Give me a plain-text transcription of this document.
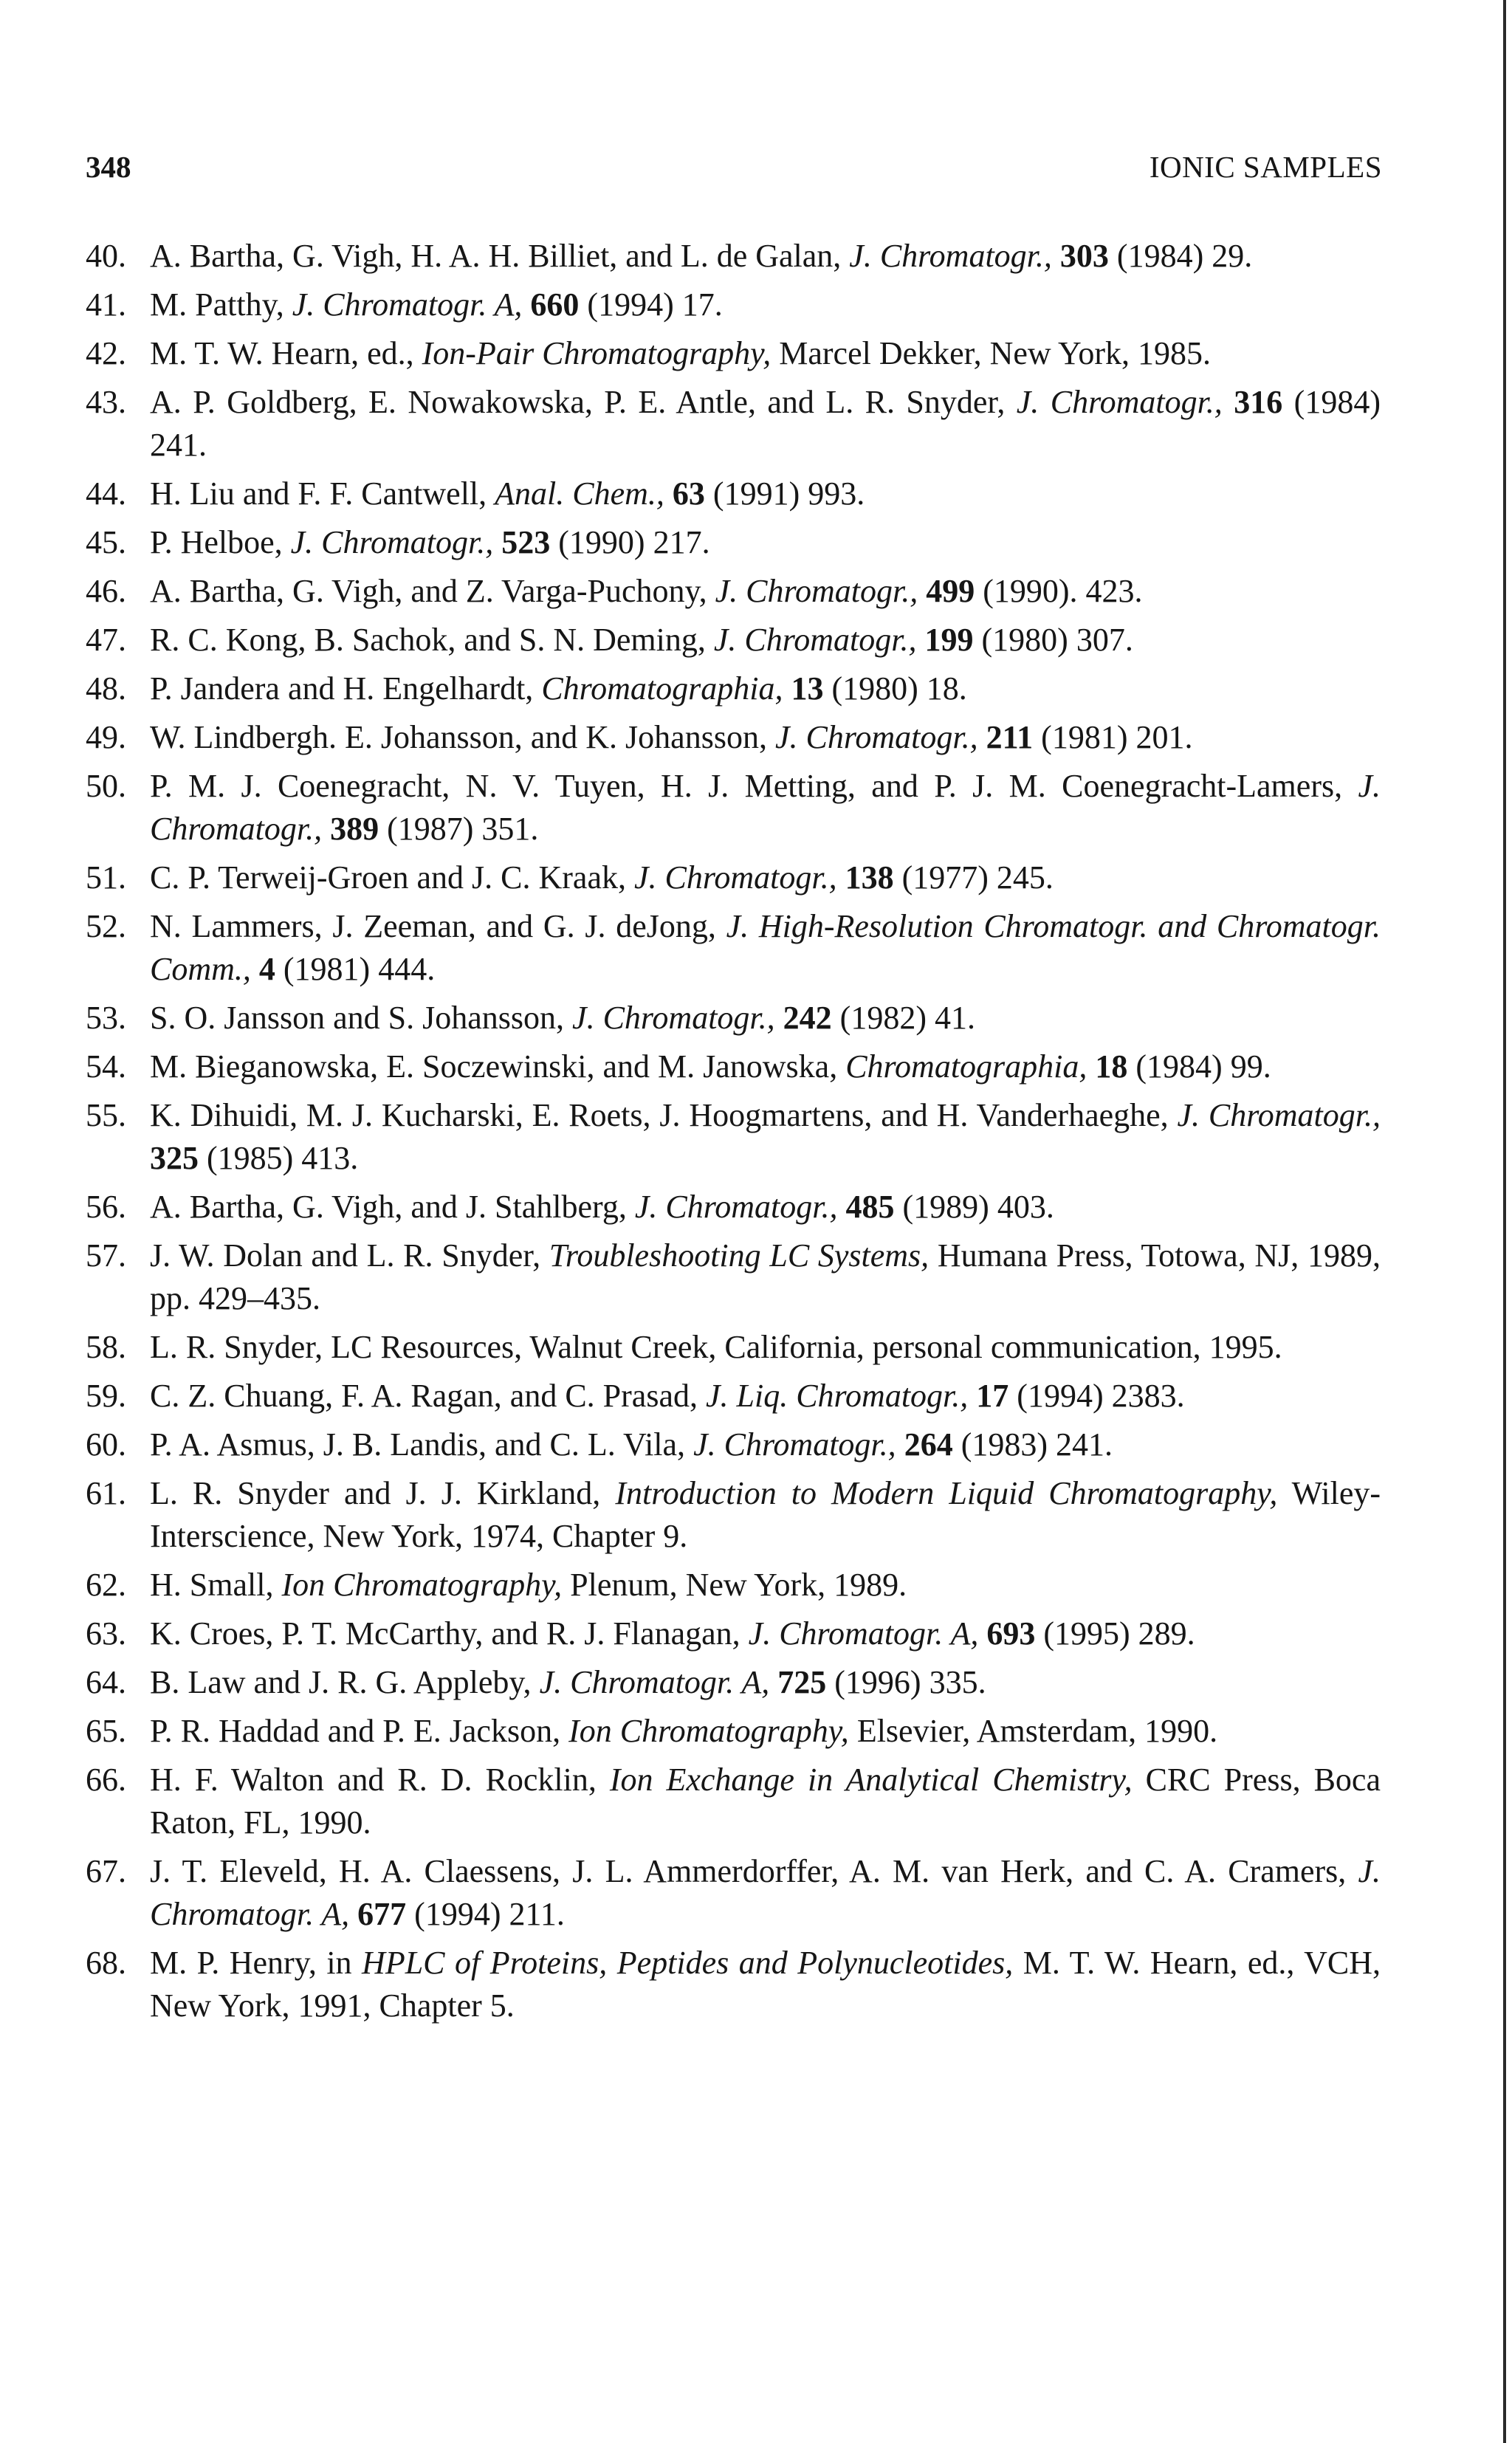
348	IONIC SAMPLES
40. A. Bartha, G. Vigh, H. A. H. Billiet, and L. de Galan, J. Chromatogr., 303 (1984) 29.
41. M. Patthy, J. Chromatogr. A, 660 (1994) 17.
42. M. T. W. Hearn, ed., Ion-Pair Chromatography, Marcel Dekker, New York, 1985.
43. A. P. Goldberg, E. Nowakowska, P. E. Antle, and L. R. Snyder, J. Chromatogr., 316 (1984) 241.
44. H. Liu and F. F. Cantwell, Anal. Chem., 63 (1991) 993.
45. P. Helboe, J. Chromatogr., 523 (1990) 217.
46. A. Bartha, G. Vigh, and Z. Varga-Puchony, J. Chromatogr., 499 (1990). 423.
47. R. C. Kong, B. Sachok, and S. N. Deming, J. Chromatogr., 199 (1980) 307.
48. P. Jandera and H. Engelhardt, Chromatographia, 13 (1980) 18.
49. W. Lindbergh. E. Johansson, and K. Johansson, J. Chromatogr., 211 (1981) 201.
50. P. M. J. Coenegracht, N. V. Tuyen, H. J. Metting, and P. J. M. Coenegracht-Lamers, J. Chromatogr., 389 (1987) 351.
51. C. P. Terweij-Groen and J. C. Kraak, J. Chromatogr., 138 (1977) 245.
52. N. Lammers, J. Zeeman, and G. J. deJong, J. High-Resolution Chromatogr. and Chromatogr. Comm., 4 (1981) 444.
53. S. O. Jansson and S. Johansson, J. Chromatogr., 242 (1982) 41.
54. M. Bieganowska, E. Soczewinski, and M. Janowska, Chromatographia, 18 (1984) 99.
55. K. Dihuidi, M. J. Kucharski, E. Roets, J. Hoogmartens, and H. Vanderhaeghe, J. Chromatogr., 325 (1985) 413.
56. A. Bartha, G. Vigh, and J. Stahlberg, J. Chromatogr., 485 (1989) 403.
57. J. W. Dolan and L. R. Snyder, Troubleshooting LC Systems, Humana Press, Totowa, NJ, 1989, pp. 429–435.
58. L. R. Snyder, LC Resources, Walnut Creek, California, personal communication, 1995.
59. C. Z. Chuang, F. A. Ragan, and C. Prasad, J. Liq. Chromatogr., 17 (1994) 2383.
60. P. A. Asmus, J. B. Landis, and C. L. Vila, J. Chromatogr., 264 (1983) 241.
61. L. R. Snyder and J. J. Kirkland, Introduction to Modern Liquid Chromatography, Wiley-Interscience, New York, 1974, Chapter 9.
62. H. Small, Ion Chromatography, Plenum, New York, 1989.
63. K. Croes, P. T. McCarthy, and R. J. Flanagan, J. Chromatogr. A, 693 (1995) 289.
64. B. Law and J. R. G. Appleby, J. Chromatogr. A, 725 (1996) 335.
65. P. R. Haddad and P. E. Jackson, Ion Chromatography, Elsevier, Amsterdam, 1990.
66. H. F. Walton and R. D. Rocklin, Ion Exchange in Analytical Chemistry, CRC Press, Boca Raton, FL, 1990.
67. J. T. Eleveld, H. A. Claessens, J. L. Ammerdorffer, A. M. van Herk, and C. A. Cramers, J. Chromatogr. A, 677 (1994) 211.
68. M. P. Henry, in HPLC of Proteins, Peptides and Polynucleotides, M. T. W. Hearn, ed., VCH, New York, 1991, Chapter 5.
